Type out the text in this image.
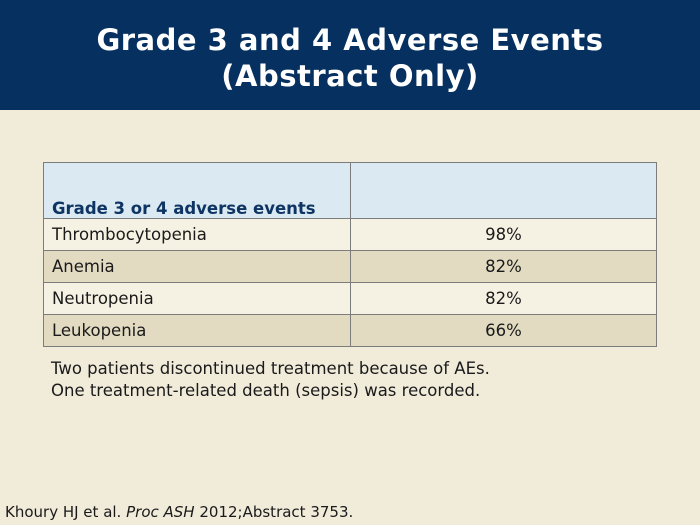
Grade 3 and 4 Adverse Events
(Abstract Only)
Grade 3 or 4 adverse events	
Thrombocytopenia	98%
Anemia	82%
Neutropenia	82%
Leukopenia	66%
Two patients discontinued treatment because of AEs.
One treatment-related death (sepsis) was recorded.
Khoury HJ et al. Proc ASH 2012;Abstract 3753.
